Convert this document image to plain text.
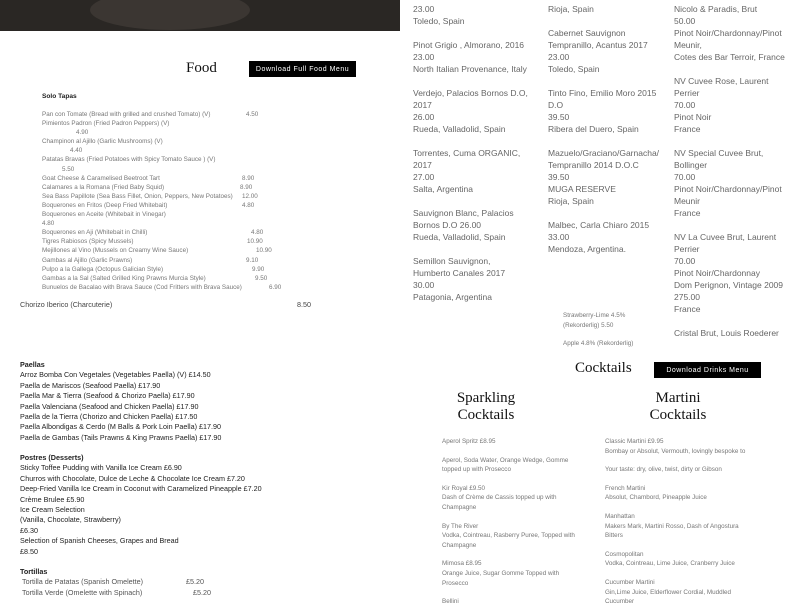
23.00
Toledo, Spain
Pinot Grigio , Almorano, 2016
23.00
North Italian Provenance, Italy
Verdejo, Palacios Bornos D.O,
2017
26.00
Rueda, Valladolid, Spain
Torrentes, Cuma ORGANIC,
2017
27.00
Salta, Argentina
Sauvignon Blanc, Palacios
Bornos D.O 26.00
Rueda, Valladolid, Spain
Semillon Sauvignon,
Humberto Canales 2017
30.00
Patagonia, Argentina
Rioja, Spain
Cabernet Sauvignon
Tempranillo, Acantus 2017
23.00
Toledo, Spain
Tinto Fino, Emilio Moro 2015
D.O
39.50
Ribera del Duero, Spain
Mazuelo/Graciano/Garnacha/
Tempranillo 2014 D.O.C
39.50
MUGA RESERVE
Rioja, Spain
Malbec, Carla Chiaro 2015
33.00
Mendoza, Argentina.
Nicolo & Paradis, Brut
50.00
Pinot Noir/Chardonnay/Pinot
Meunir,
Cotes des Bar Terroir, France
NV Cuvee Rose, Laurent Perrier
70.00
Pinot Noir
France
NV Special Cuvee Brut,
Bollinger
70.00
Pinot Noir/Chardonnay/Pinot
Meunir
France
NV La Cuvee Brut, Laurent
Perrier
70.00
Pinot Noir/Chardonnay
Dom Perignon, Vintage 2009
275.00
France
Cristal Brut, Louis Roederer
Food	Download Full Food Menu
Solo Tapas
Pan con Tomate (Bread with grilled and crushed Tomato) (V)	4.50
Pimientos Padron (Fried Padron Peppers) (V)
4.90
Champinon al Ajillo (Garlic Mushrooms) (V)
4.40
Patatas Bravas (Fried Potatoes with Spicy Tomato Sauce ) (V)
5.50
Goat Cheese & Caramelised Beetroot Tart	8.90
Calamares a la Romana (Fried Baby Squid)	8.90
Sea Bass Papillote (Sea Bass Fillet, Onion, Peppers, New Potatoes) 12.00
Boquerones en Fritos (Deep Fried Whitebait)	4.80
Boquerones en Aceite (Whitebait in Vinegar)
4.80
Boquerones en Aji (Whitebait in Chilli)	4.80
Tigres Rabiosos (Spicy Mussels)	10.90
Mejillones al Vino (Mussels on Creamy Wine Sauce)	10.90
Gambas al Ajillo (Garlic Prawns)	9.10
Pulpo a la Gallega (Octopus Galician Style)	9.90
Gambas a la Sal (Salted Grilled King Prawns Murcia Style)	9.50
Bunuelos de Bacalao with Brava Sauce (Cod Fritters with Brava Sauce)	6.90
Chorizo Iberico (Charcuterie)	8.50
Paellas
Arroz Bomba Con Vegetales (Vegetables Paella) (V) £14.50
Paella de Mariscos (Seafood Paella) £17.90
Paella Mar & Tierra (Seafood & Chorizo Paella) £17.90
Paella Valenciana (Seafood and Chicken Paella) £17.90
Paella de la Tierra (Chorizo and Chicken Paella) £17.50
Paella Albondigas & Cerdo (M Balls & Pork Loin Paella) £17.90
Paella de Gambas (Tails Prawns & King Prawns Paella) £17.90
Postres (Desserts)
Sticky Toffee Pudding with Vanilla Ice Cream £6.90
Churros with Chocolate, Dulce de Leche & Chocolate Ice Cream £7.20
Deep-Fried Vanilla Ice Cream in Coconut with Caramelized Pineapple £7.20
Crème Brulee £5.90
Ice Cream Selection
(Vanilla, Chocolate, Strawberry)
£6.30
Selection of Spanish Cheeses, Grapes and Bread
£8.50
Tortillas
Tortilla de Patatas (Spanish Omelette)	£5.20
Tortilla Verde (Omelette with Spinach)	£5.20
Strawberry-Lime 4.5%
(Rekorderlig) 5.50
Apple 4.8% (Rekorderlig)
Cocktails	Download Drinks Menu
Sparkling
Cocktails
Martini
Cocktails
Aperol Spritz £8.95
Aperol, Soda Water, Orange Wedge, Gomme topped up with Prosecco
Kir Royal £9.50
Dash of Crème de Cassis topped up with Champagne
By The River
Vodka, Cointreau, Rasberry Puree, Topped with Champagne
Mimosa £8.95
Orange Juice, Sugar Gomme Topped with Prosecco
Bellini
Classic Martini £9.95
Bombay or Absolut, Vermouth, lovingly bespoke to
Your taste: dry, olive, twist, dirty or Gibson
French Martini
Absolut, Chambord, Pineapple Juice
Manhattan
Makers Mark, Martini Rosso, Dash of Angostura Bitters
Cosmopolitan
Vodka, Cointreau, Lime Juice, Cranberry Juice
Cucumber Martini
Gin,Lime Juice, Elderflower Cordial, Muddled Cucumber
